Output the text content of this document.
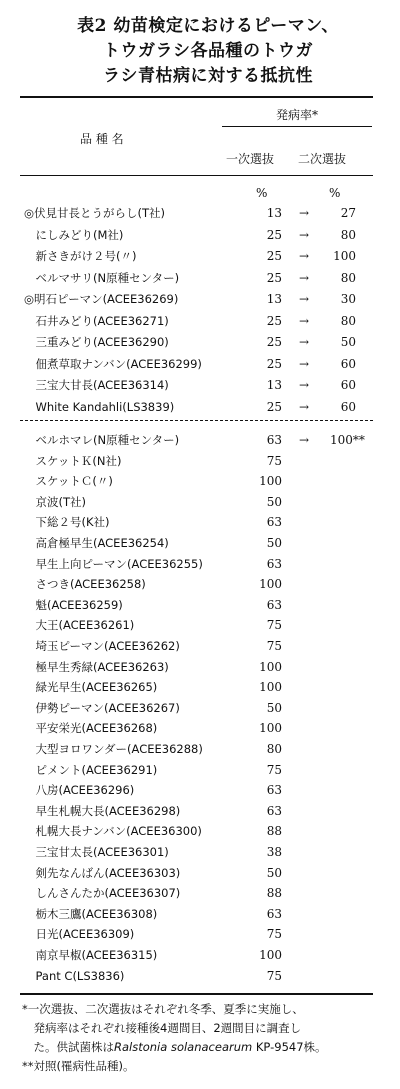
表2 幼苗検定におけるピーマン、
トウガラシ各品種のトウガ
ラシ青枯病に対する抵抗性
品 種 名
発病率*
一次選抜 二次選抜
%	%
◎伏見甘長とうがらし(T社)	13	→	27
　にしみどり(M社)	25	→	80
　新さきがけ２号(〃)	25	→	100
　ベルマサリ(N原種センター)	25	→	80
◎明石ピーマン(ACEE36269)	13	→	30
　石井みどり(ACEE36271)	25	→	80
　三重みどり(ACEE36290)	25	→	50
　佃煮草取ナンバン(ACEE36299)	25	→	60
　三宝大甘長(ACEE36314)	13	→	60
　White Kandahli(LS3839)	25	→	60
　ベルホマレ(N原種センター)	63	→	100**
　スケットＫ(N社)	75
　スケットＣ(〃)	100
　京波(T社)	50
　下総２号(K社)	63
　高倉極早生(ACEE36254)	50
　早生上向ピーマン(ACEE36255)	63
　さつき(ACEE36258)	100
　魁(ACEE36259)	63
　大王(ACEE36261)	75
　埼玉ピーマン(ACEE36262)	75
　極早生秀緑(ACEE36263)	100
　緑光早生(ACEE36265)	100
　伊勢ピーマン(ACEE36267)	50
　平安栄光(ACEE36268)	100
　大型ヨロワンダー(ACEE36288)	80
　ピメント(ACEE36291)	75
　八房(ACEE36296)	63
　早生札幌大長(ACEE36298)	63
　札幌大長ナンバン(ACEE36300)	88
　三宝甘太長(ACEE36301)	38
　剣先なんばん(ACEE36303)	50
　しんさんたか(ACEE36307)	88
　栃木三鷹(ACEE36308)	63
　日光(ACEE36309)	75
　南京早椒(ACEE36315)	100
　Pant C(LS3836)	75
*一次選抜、二次選抜はそれぞれ冬季、夏季に実施し、
　発病率はそれぞれ接種後4週間目、2週間目に調査し
　た。供試菌株はRalstonia solanacearum KP-9547株。
**対照(罹病性品種)。
